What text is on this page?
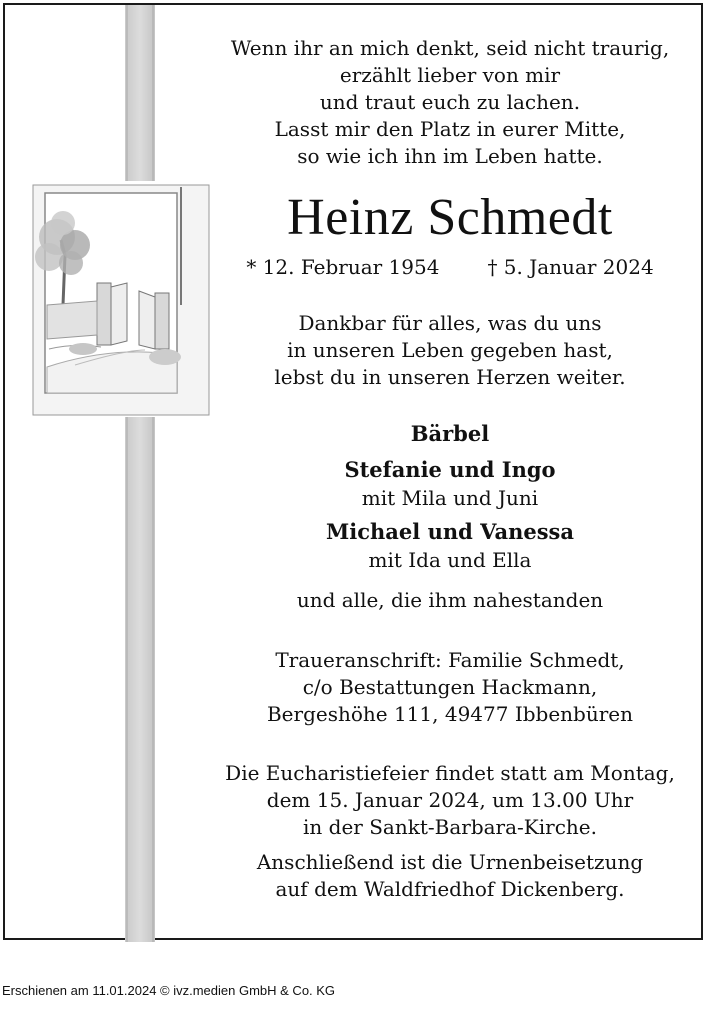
Wenn ihr an mich denkt, seid nicht traurig,
erzählt lieber von mir
und traut euch zu lachen.
Lasst mir den Platz in eurer Mitte,
so wie ich ihn im Leben hatte.

Heinz Schmedt
* 12. Februar 1954 † 5. Januar 2024
Dankbar für alles, was du uns
in unseren Leben gegeben hast,
lebst du in unseren Herzen weiter.
Bärbel
Stefanie und Ingo
mit Mila und Juni
Michael und Vanessa
mit Ida und Ella
und alle, die ihm nahestanden
Traueranschrift: Familie Schmedt,
c/o Bestattungen Hackmann,
Bergeshöhe 111, 49477 Ibbenbüren
Die Eucharistiefeier findet statt am Montag,
dem 15. Januar 2024, um 13.00 Uhr
in der Sankt-Barbara-Kirche.
Anschließend ist die Urnenbeisetzung
auf dem Waldfriedhof Dickenberg.
Erschienen am 11.01.2024 © ivz.medien GmbH & Co. KG
